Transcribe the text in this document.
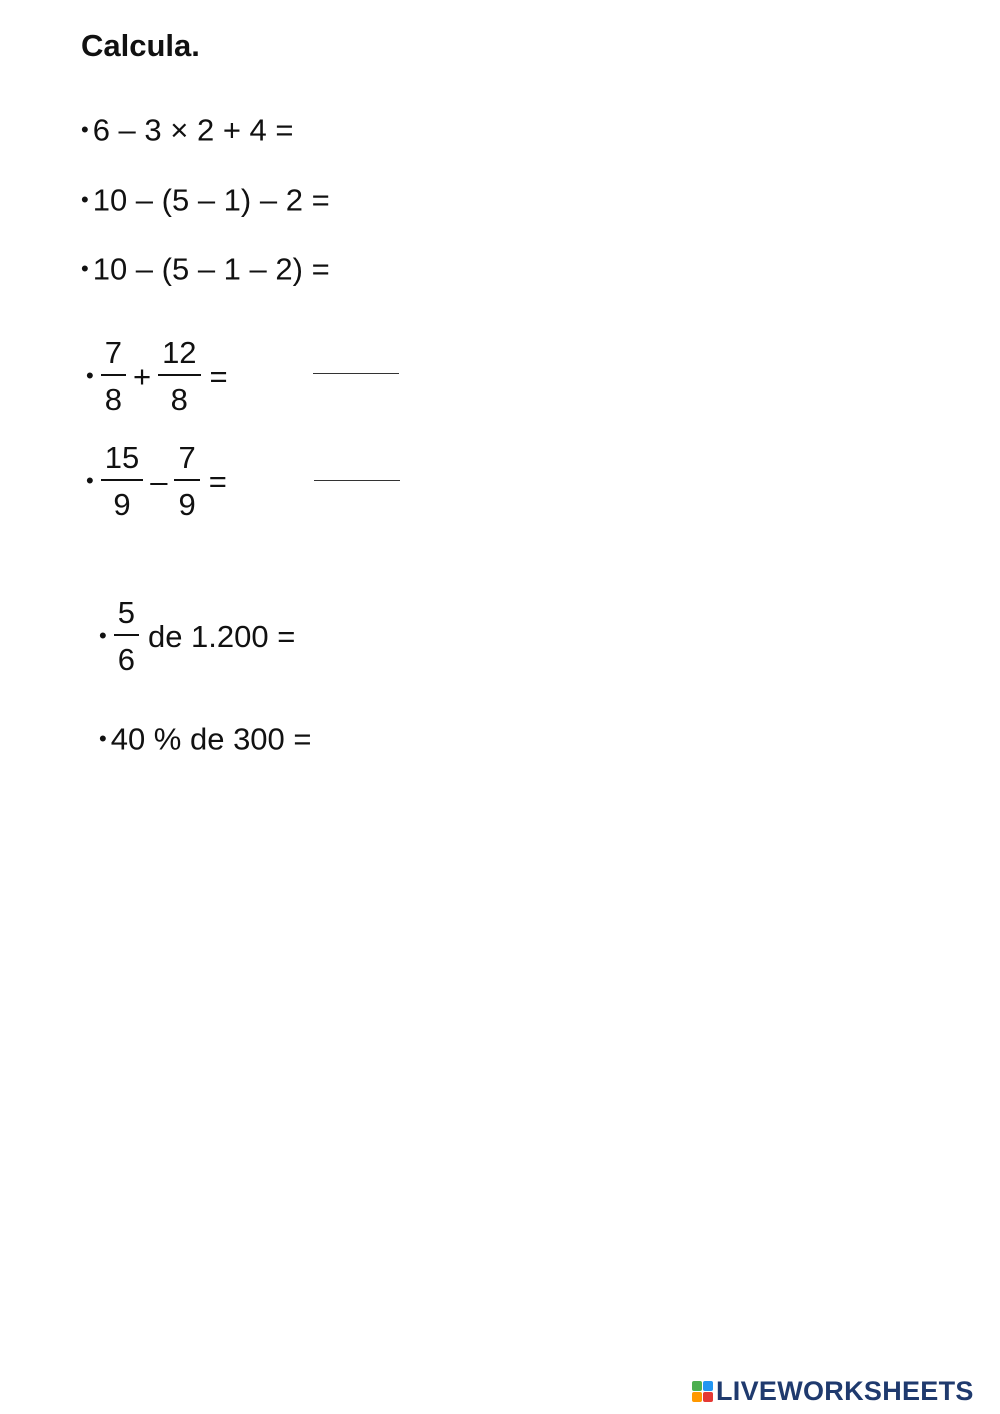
Calcula.
• 6 – 3 × 2 + 4 =
• 10 – (5 – 1) – 2 =
• 10 – (5 – 1 – 2) =
• $\frac{7}{8} + \frac{12}{8}$ =
• $\frac{15}{9} - \frac{7}{9}$ =
• $\frac{5}{6}$ de 1.200 =
• 40 % de 300 =
LIVEWORKSHEETS
